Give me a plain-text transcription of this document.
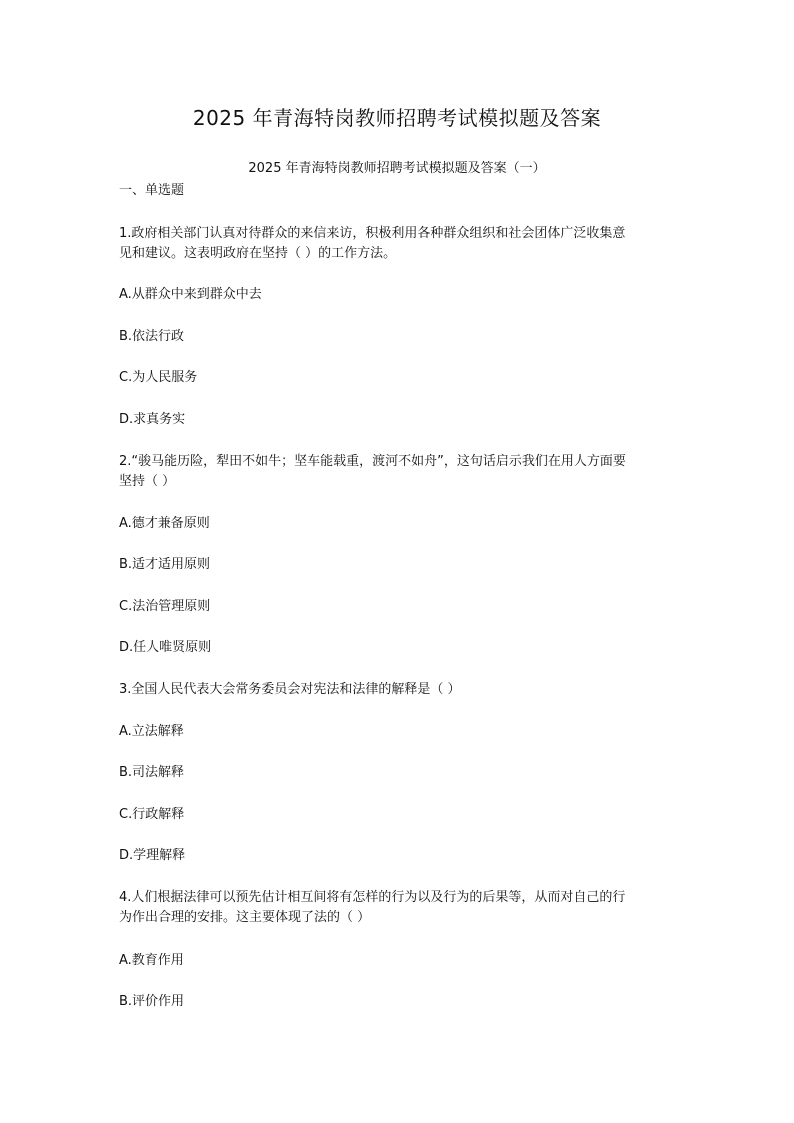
2025 年青海特岗教师招聘考试模拟题及答案
2025 年青海特岗教师招聘考试模拟题及答案（一）
一、单选题
1.政府相关部门认真对待群众的来信来访，积极利用各种群众组织和社会团体广泛收集意
见和建议。这表明政府在坚持（ ）的工作方法。
A.从群众中来到群众中去
B.依法行政
C.为人民服务
D.求真务实
2.“骏马能历险，犁田不如牛；坚车能载重，渡河不如舟”，这句话启示我们在用人方面要
坚持（ ）
A.德才兼备原则
B.适才适用原则
C.法治管理原则
D.任人唯贤原则
3.全国人民代表大会常务委员会对宪法和法律的解释是（ ）
A.立法解释
B.司法解释
C.行政解释
D.学理解释
4.人们根据法律可以预先估计相互间将有怎样的行为以及行为的后果等，从而对自己的行
为作出合理的安排。这主要体现了法的（ ）
A.教育作用
B.评价作用
